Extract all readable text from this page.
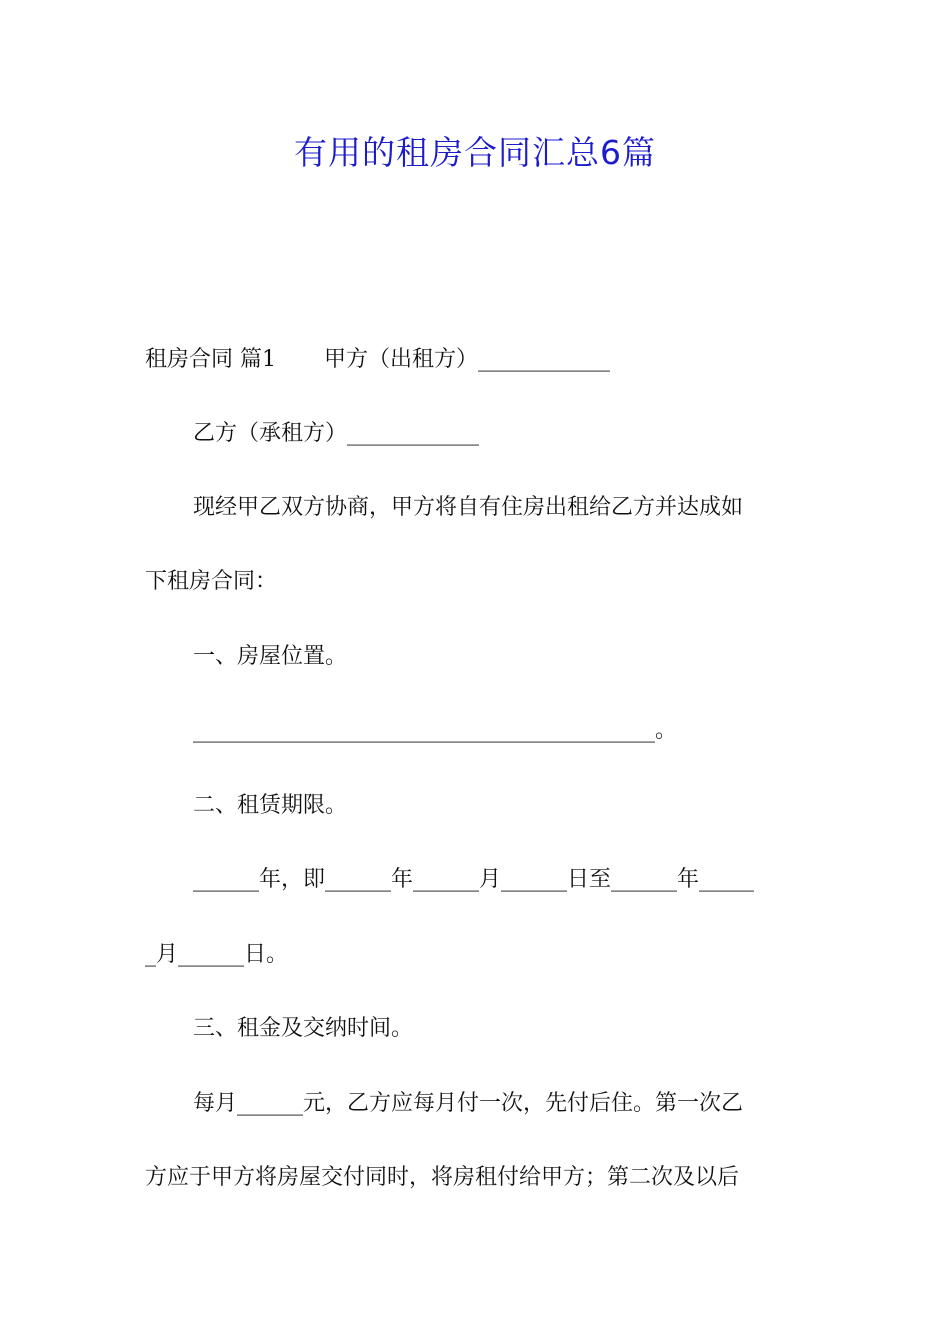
有用的租房合同汇总6篇
租房合同 篇1 甲方（出租方）____________
乙方（承租方）____________
现经甲乙双方协商，甲方将自有住房出租给乙方并达成如
下租房合同：
一、房屋位置。
__________________________________________。
二、租赁期限。
______年，即______年______月______日至______年_____
_月______日。
三、租金及交纳时间。
每月______元，乙方应每月付一次，先付后住。第一次乙
方应于甲方将房屋交付同时，将房租付给甲方；第二次及以后
